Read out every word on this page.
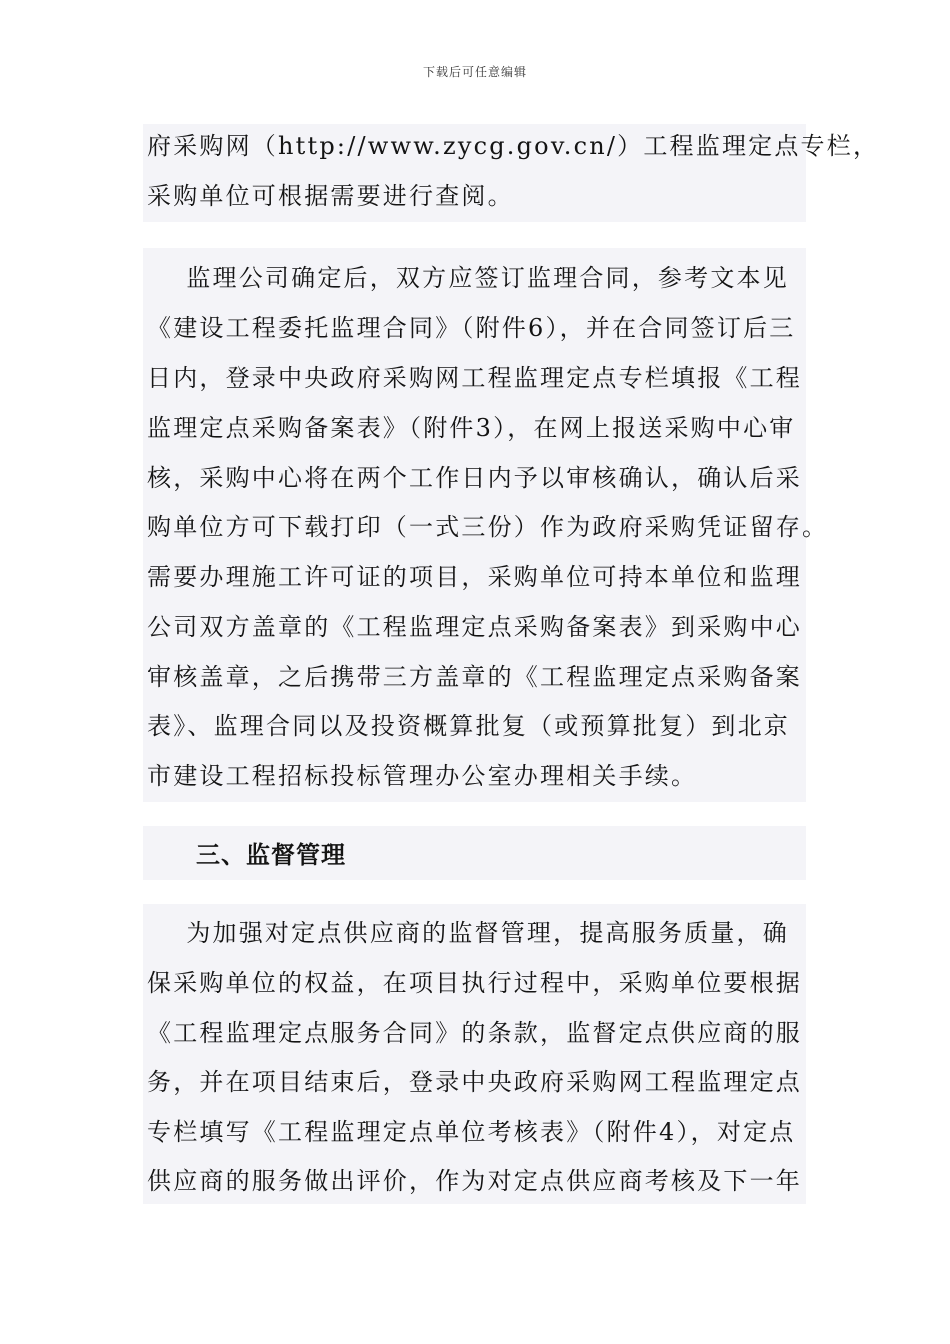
下载后可任意编辑
府采购网（http://www.zycg.gov.cn/）工程监理定点专栏，
采购单位可根据需要进行查阅。
监理公司确定后，双方应签订监理合同，参考文本见
《建设工程委托监理合同》（附件6），并在合同签订后三
日内，登录中央政府采购网工程监理定点专栏填报《工程
监理定点采购备案表》（附件3），在网上报送采购中心审
核，采购中心将在两个工作日内予以审核确认，确认后采
购单位方可下载打印（一式三份）作为政府采购凭证留存。
需要办理施工许可证的项目，采购单位可持本单位和监理
公司双方盖章的《工程监理定点采购备案表》到采购中心
审核盖章，之后携带三方盖章的《工程监理定点采购备案
表》、监理合同以及投资概算批复（或预算批复）到北京
市建设工程招标投标管理办公室办理相关手续。
三、监督管理
为加强对定点供应商的监督管理，提高服务质量，确
保采购单位的权益，在项目执行过程中，采购单位要根据
《工程监理定点服务合同》的条款，监督定点供应商的服
务，并在项目结束后，登录中央政府采购网工程监理定点
专栏填写《工程监理定点单位考核表》（附件4），对定点
供应商的服务做出评价，作为对定点供应商考核及下一年
